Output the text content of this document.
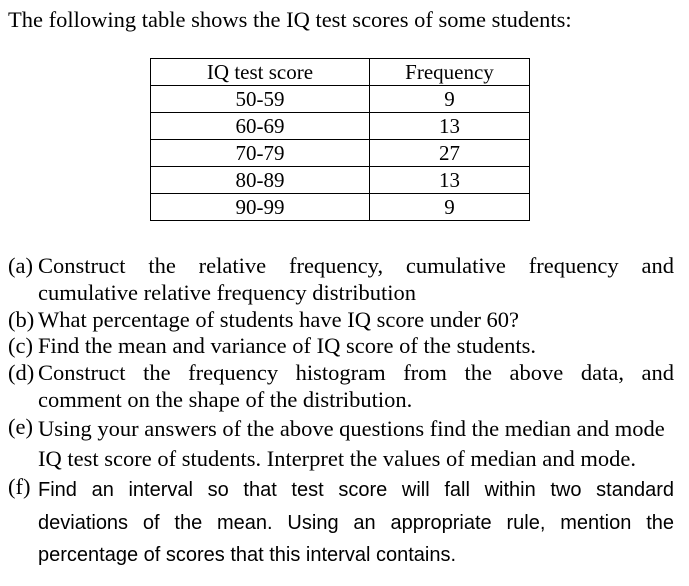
The following table shows the IQ test scores of some students:
IQ test score	Frequency
50-59	9
60-69	13
70-79	27
80-89	13
90-99	9
(a) Construct the relative frequency, cumulative frequency and
cumulative relative frequency distribution
(b) What percentage of students have IQ score under 60?
(c) Find the mean and variance of IQ score of the students.
(d) Construct the frequency histogram from the above data, and
comment on the shape of the distribution.
(e) Using your answers of the above questions find the median and mode
IQ test score of students. Interpret the values of median and mode.
(f) Find an interval so that test score will fall within two standard
deviations of the mean. Using an appropriate rule, mention the
percentage of scores that this interval contains.
